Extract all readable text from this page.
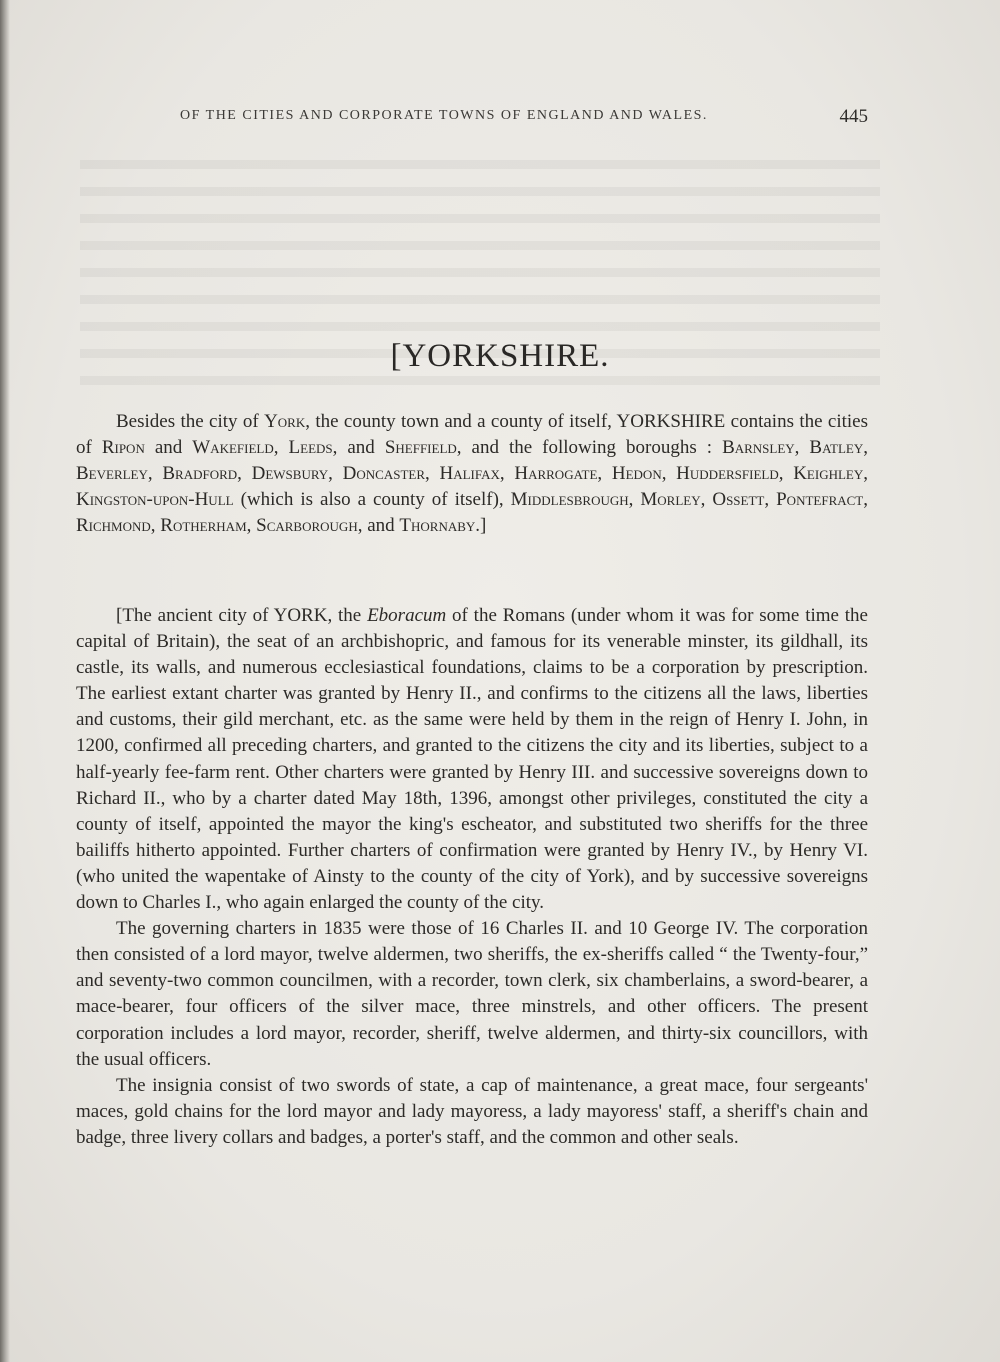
OF THE CITIES AND CORPORATE TOWNS OF ENGLAND AND WALES.	445
[YORKSHIRE.

Besides the city of York, the county town and a county of itself, YORKSHIRE contains the cities of Ripon and Wakefield, Leeds, and Sheffield, and the following boroughs : Barnsley, Batley, Beverley, Bradford, Dewsbury, Doncaster, Halifax, Harrogate, Hedon, Huddersfield, Keighley, Kingston-upon-Hull (which is also a county of itself), Middlesbrough, Morley, Ossett, Pontefract, Richmond, Rotherham, Scarborough, and Thornaby.]

[The ancient city of YORK, the Eboracum of the Romans (under whom it was for some time the capital of Britain), the seat of an archbishopric, and famous for its venerable minster, its gildhall, its castle, its walls, and numerous ecclesiastical foundations, claims to be a corporation by prescription. The earliest extant charter was granted by Henry II., and confirms to the citizens all the laws, liberties and customs, their gild merchant, etc. as the same were held by them in the reign of Henry I. John, in 1200, confirmed all preceding charters, and granted to the citizens the city and its liberties, subject to a half-yearly fee-farm rent. Other charters were granted by Henry III. and successive sovereigns down to Richard II., who by a charter dated May 18th, 1396, amongst other privileges, constituted the city a county of itself, appointed the mayor the king's escheator, and substituted two sheriffs for the three bailiffs hitherto appointed. Further charters of confirmation were granted by Henry IV., by Henry VI. (who united the wapentake of Ainsty to the county of the city of York), and by successive sovereigns down to Charles I., who again enlarged the county of the city.

The governing charters in 1835 were those of 16 Charles II. and 10 George IV. The corporation then consisted of a lord mayor, twelve aldermen, two sheriffs, the ex-sheriffs called “ the Twenty-four,” and seventy-two common councilmen, with a recorder, town clerk, six chamberlains, a sword-bearer, a mace-bearer, four officers of the silver mace, three minstrels, and other officers. The present corporation includes a lord mayor, recorder, sheriff, twelve aldermen, and thirty-six councillors, with the usual officers.

The insignia consist of two swords of state, a cap of maintenance, a great mace, four sergeants' maces, gold chains for the lord mayor and lady mayoress, a lady mayoress' staff, a sheriff's chain and badge, three livery collars and badges, a porter's staff, and the common and other seals.
